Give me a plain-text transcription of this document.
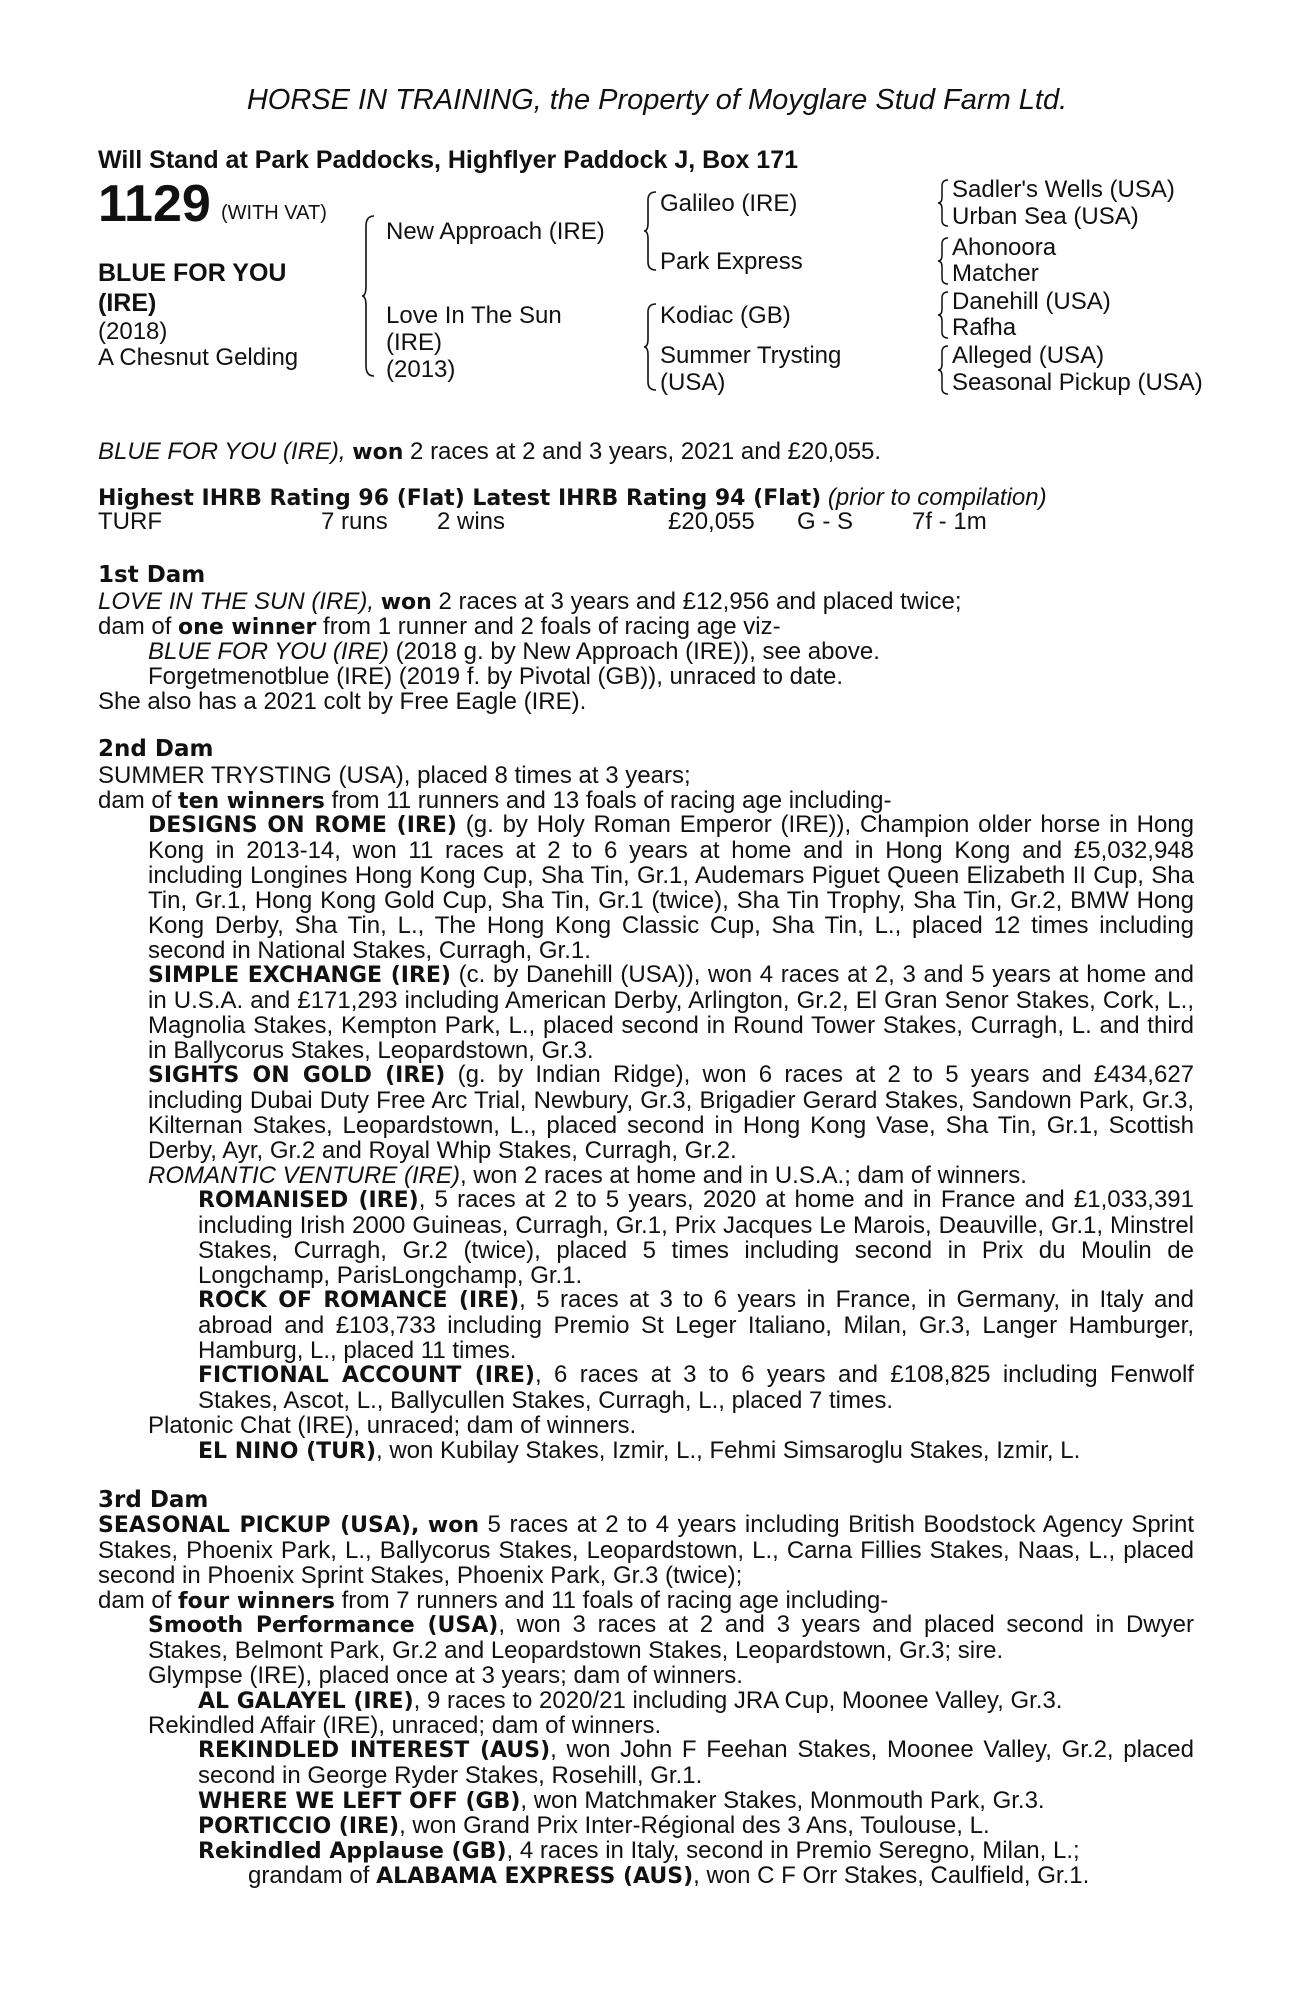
HORSE IN TRAINING, the Property of Moyglare Stud Farm Ltd.
Will Stand at Park Paddocks, Highflyer Paddock J, Box 171
1129 (WITH VAT)
BLUE FOR YOU
(IRE)
(2018)
A Chesnut Gelding
New Approach (IRE)
Love In The Sun
(IRE)
(2013)
Galileo (IRE)
Park Express
Kodiac (GB)
Summer Trysting
(USA)
Sadler's Wells (USA)
Urban Sea (USA)
Ahonoora
Matcher
Danehill (USA)
Rafha
Alleged (USA)
Seasonal Pickup (USA)
BLUE FOR YOU (IRE), won 2 races at 2 and 3 years, 2021 and £20,055.
Highest IHRB Rating 96 (Flat) Latest IHRB Rating 94 (Flat) (prior to compilation)
TURF	7 runs 2 wins	£20,055 G - S 7f - 1m
1st Dam
LOVE IN THE SUN (IRE), won 2 races at 3 years and £12,956 and placed twice;
dam of one winner from 1 runner and 2 foals of racing age viz-
BLUE FOR YOU (IRE) (2018 g. by New Approach (IRE)), see above.
Forgetmenotblue (IRE) (2019 f. by Pivotal (GB)), unraced to date.
She also has a 2021 colt by Free Eagle (IRE).
2nd Dam
SUMMER TRYSTING (USA), placed 8 times at 3 years;
dam of ten winners from 11 runners and 13 foals of racing age including-
DESIGNS ON ROME (IRE) (g. by Holy Roman Emperor (IRE)), Champion older horse in Hong Kong in 2013-14, won 11 races at 2 to 6 years at home and in Hong Kong and £5,032,948 including Longines Hong Kong Cup, Sha Tin, Gr.1, Audemars Piguet Queen Elizabeth II Cup, Sha Tin, Gr.1, Hong Kong Gold Cup, Sha Tin, Gr.1 (twice), Sha Tin Trophy, Sha Tin, Gr.2, BMW Hong Kong Derby, Sha Tin, L., The Hong Kong Classic Cup, Sha Tin, L., placed 12 times including second in National Stakes, Curragh, Gr.1.
SIMPLE EXCHANGE (IRE) (c. by Danehill (USA)), won 4 races at 2, 3 and 5 years at home and in U.S.A. and £171,293 including American Derby, Arlington, Gr.2, El Gran Senor Stakes, Cork, L., Magnolia Stakes, Kempton Park, L., placed second in Round Tower Stakes, Curragh, L. and third in Ballycorus Stakes, Leopardstown, Gr.3.
SIGHTS ON GOLD (IRE) (g. by Indian Ridge), won 6 races at 2 to 5 years and £434,627 including Dubai Duty Free Arc Trial, Newbury, Gr.3, Brigadier Gerard Stakes, Sandown Park, Gr.3, Kilternan Stakes, Leopardstown, L., placed second in Hong Kong Vase, Sha Tin, Gr.1, Scottish Derby, Ayr, Gr.2 and Royal Whip Stakes, Curragh, Gr.2.
ROMANTIC VENTURE (IRE), won 2 races at home and in U.S.A.; dam of winners.
ROMANISED (IRE), 5 races at 2 to 5 years, 2020 at home and in France and £1,033,391 including Irish 2000 Guineas, Curragh, Gr.1, Prix Jacques Le Marois, Deauville, Gr.1, Minstrel Stakes, Curragh, Gr.2 (twice), placed 5 times including second in Prix du Moulin de Longchamp, ParisLongchamp, Gr.1.
ROCK OF ROMANCE (IRE), 5 races at 3 to 6 years in France, in Germany, in Italy and abroad and £103,733 including Premio St Leger Italiano, Milan, Gr.3, Langer Hamburger, Hamburg, L., placed 11 times.
FICTIONAL ACCOUNT (IRE), 6 races at 3 to 6 years and £108,825 including Fenwolf Stakes, Ascot, L., Ballycullen Stakes, Curragh, L., placed 7 times.
Platonic Chat (IRE), unraced; dam of winners.
EL NINO (TUR), won Kubilay Stakes, Izmir, L., Fehmi Simsaroglu Stakes, Izmir, L.
3rd Dam
SEASONAL PICKUP (USA), won 5 races at 2 to 4 years including British Boodstock Agency Sprint Stakes, Phoenix Park, L., Ballycorus Stakes, Leopardstown, L., Carna Fillies Stakes, Naas, L., placed second in Phoenix Sprint Stakes, Phoenix Park, Gr.3 (twice);
dam of four winners from 7 runners and 11 foals of racing age including-
Smooth Performance (USA), won 3 races at 2 and 3 years and placed second in Dwyer Stakes, Belmont Park, Gr.2 and Leopardstown Stakes, Leopardstown, Gr.3; sire.
Glympse (IRE), placed once at 3 years; dam of winners.
AL GALAYEL (IRE), 9 races to 2020/21 including JRA Cup, Moonee Valley, Gr.3.
Rekindled Affair (IRE), unraced; dam of winners.
REKINDLED INTEREST (AUS), won John F Feehan Stakes, Moonee Valley, Gr.2, placed second in George Ryder Stakes, Rosehill, Gr.1.
WHERE WE LEFT OFF (GB), won Matchmaker Stakes, Monmouth Park, Gr.3.
PORTICCIO (IRE), won Grand Prix Inter-Régional des 3 Ans, Toulouse, L.
Rekindled Applause (GB), 4 races in Italy, second in Premio Seregno, Milan, L.;
grandam of ALABAMA EXPRESS (AUS), won C F Orr Stakes, Caulfield, Gr.1.
